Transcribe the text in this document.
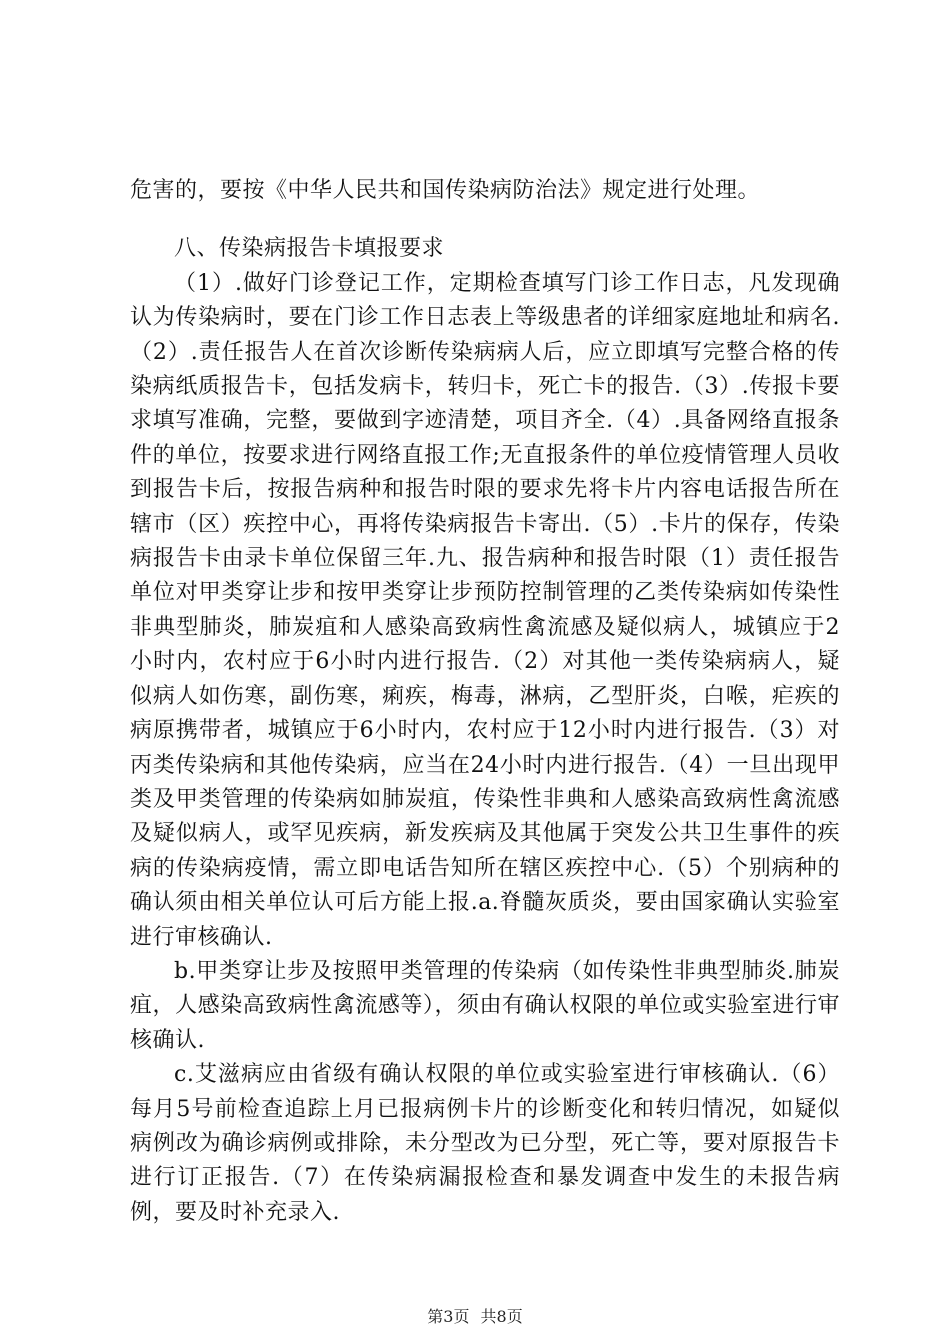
危害的，要按《中华人民共和国传染病防治法》规定进行处理。

八、传染病报告卡填报要求

（1）.做好门诊登记工作，定期检查填写门诊工作日志，凡发现确认为传染病时，要在门诊工作日志表上等级患者的详细家庭地址和病名.（2）.责任报告人在首次诊断传染病病人后，应立即填写完整合格的传染病纸质报告卡，包括发病卡，转归卡，死亡卡的报告.（3）.传报卡要求填写准确，完整，要做到字迹清楚，项目齐全.（4）.具备网络直报条件的单位，按要求进行网络直报工作;无直报条件的单位疫情管理人员收到报告卡后，按报告病种和报告时限的要求先将卡片内容电话报告所在辖市（区）疾控中心，再将传染病报告卡寄出.（5）.卡片的保存，传染病报告卡由录卡单位保留三年.九、报告病种和报告时限（1）责任报告单位对甲类穿让步和按甲类穿让步预防控制管理的乙类传染病如传染性非典型肺炎，肺炭疽和人感染高致病性禽流感及疑似病人，城镇应于2小时内，农村应于6小时内进行报告.（2）对其他一类传染病病人，疑似病人如伤寒，副伤寒，痢疾，梅毒，淋病，乙型肝炎，白喉，疟疾的病原携带者，城镇应于6小时内，农村应于12小时内进行报告.（3）对丙类传染病和其他传染病，应当在24小时内进行报告.（4）一旦出现甲类及甲类管理的传染病如肺炭疽，传染性非典和人感染高致病性禽流感及疑似病人，或罕见疾病，新发疾病及其他属于突发公共卫生事件的疾病的传染病疫情，需立即电话告知所在辖区疾控中心.（5）个别病种的确认须由相关单位认可后方能上报.a.脊髓灰质炎，要由国家确认实验室进行审核确认.

b.甲类穿让步及按照甲类管理的传染病（如传染性非典型肺炎.肺炭疽，人感染高致病性禽流感等），须由有确认权限的单位或实验室进行审核确认.

c.艾滋病应由省级有确认权限的单位或实验室进行审核确认.（6）每月5号前检查追踪上月已报病例卡片的诊断变化和转归情况，如疑似病例改为确诊病例或排除，未分型改为已分型，死亡等，要对原报告卡进行订正报告.（7）在传染病漏报检查和暴发调查中发生的未报告病例，要及时补充录入.

第3页 共8页
